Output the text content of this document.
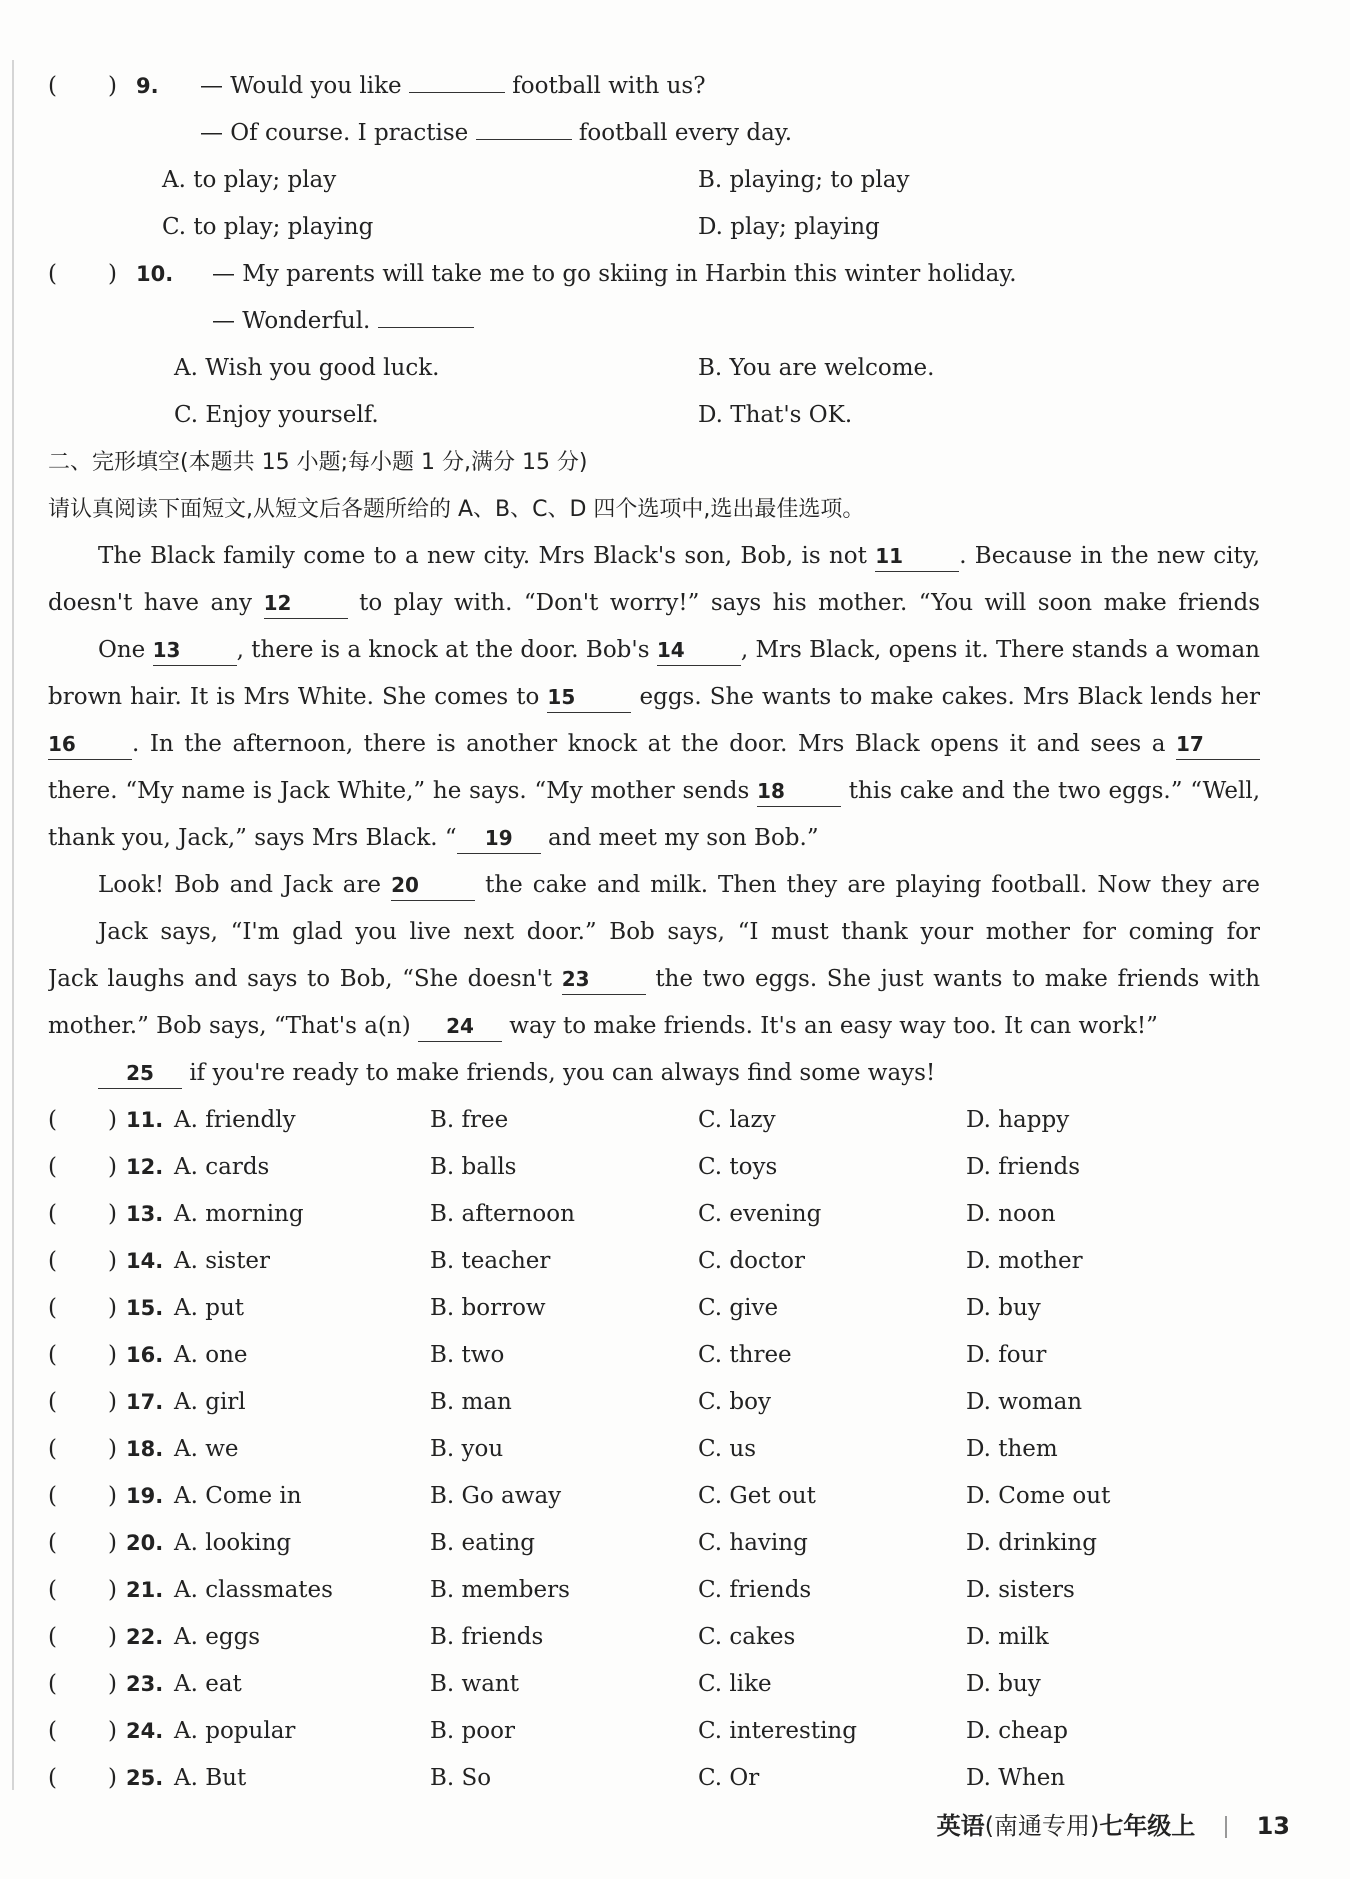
( ) 9. — Would you like	football with us?
— Of course. I practise	football every day.
A. to play; play	B. playing; to play
C. to play; playing	D. play; playing
( ) 10. — My parents will take me to go skiing in Harbin this winter holiday.
— Wonderful.
A. Wish you good luck.	B. You are welcome.
C. Enjoy yourself.	D. That's OK.
二、完形填空(本题共 15 小题;每小题 1 分,满分 15 分)
请认真阅读下面短文,从短文后各题所给的 A、B、C、D 四个选项中,选出最佳选项。
The Black family come to a new city. Mrs Black's son, Bob, is not 11 . Because in the new city,
doesn't have any 12	to play with. “Don't worry!” says his mother. “You will soon make friends
One 13 , there is a knock at the door. Bob's 14 , Mrs Black, opens it. There stands a woman
brown hair. It is Mrs White. She comes to 15	eggs. She wants to make cakes. Mrs Black lends her
16 . In the afternoon, there is another knock at the door. Mrs Black opens it and sees a 17
there. “My name is Jack White,” he says. “My mother sends 18	this cake and the two eggs.” “Well,
thank you, Jack,” says Mrs Black. “ 19 and meet my son Bob.”
Look! Bob and Jack are 20	the cake and milk. Then they are playing football. Now they are
Jack says, “I'm glad you live next door.” Bob says, “I must thank your mother for coming for
Jack laughs and says to Bob, “She doesn't 23	the two eggs. She just wants to make friends with
mother.” Bob says, “That's a(n) 24 way to make friends. It's an easy way too. It can work!”
25 if you're ready to make friends, you can always find some ways!
( ) 11. A. friendly	B. free	C. lazy	D. happy
( ) 12. A. cards	B. balls	C. toys	D. friends
( ) 13. A. morning	B. afternoon	C. evening	D. noon
( ) 14. A. sister	B. teacher	C. doctor	D. mother
( ) 15. A. put	B. borrow	C. give	D. buy
( ) 16. A. one	B. two	C. three	D. four
( ) 17. A. girl	B. man	C. boy	D. woman
( ) 18. A. we	B. you	C. us	D. them
( ) 19. A. Come in	B. Go away	C. Get out	D. Come out
( ) 20. A. looking	B. eating	C. having	D. drinking
( ) 21. A. classmates	B. members	C. friends	D. sisters
( ) 22. A. eggs	B. friends	C. cakes	D. milk
( ) 23. A. eat	B. want	C. like	D. buy
( ) 24. A. popular	B. poor	C. interesting	D. cheap
( ) 25. A. But	B. So	C. Or	D. When
英语(南通专用)七年级上	13
